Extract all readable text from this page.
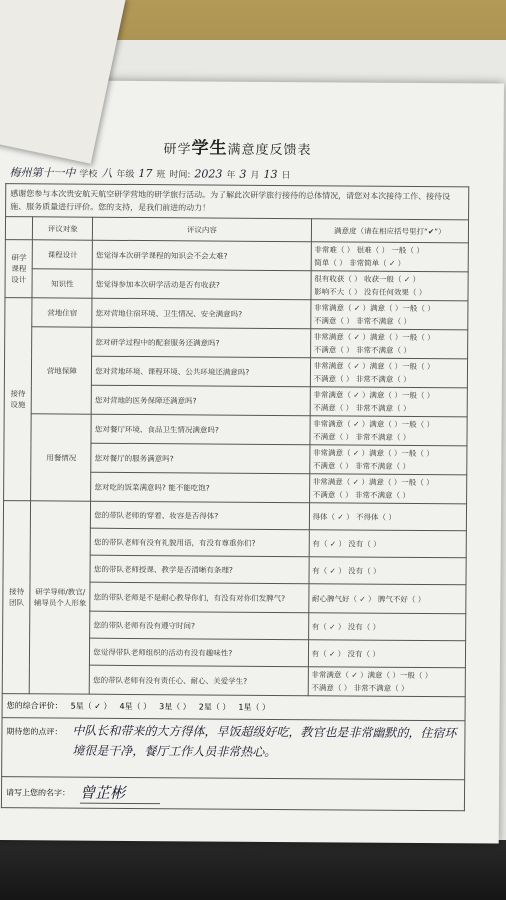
研学学生满意度反馈表
梅州第十一中 学校 八 年级 17 班 时间: 2023 年 3 月 13 日
感谢您参与本次贵安航天航空研学营地的研学旅行活动。为了解此次研学旅行接待的总体情况，请您对本次接待工作、接待设施、服务质量进行评价。您的支持，是我们前进的动力！
	评议对象	评议内容	满意度（请在相应括号里打“✔”）
研学课程设计	课程设计	您觉得本次研学课程的知识会不会太难?	非常难（ ） 很难（ ） 一般（ ）
简单（ ） 非常简单（ ✓ ）

	知识性	您觉得参加本次研学活动是否有收获?	很有收获（ ） 收获一般（ ✓ ）
影响不大（ ） 没有任何效果（ ）

接待设施	营地住宿	您对营地住宿环境、卫生情况、安全满意吗?	非常满意（ ✓ ）满意（ ）一般（ ）
不满意（ ） 非常不满意（ ）

	营地保障	您对研学过程中的配套服务还满意吗?	非常满意（ ✓ ）满意（ ）一般（ ）
不满意（ ） 非常不满意（ ）

		您对营地环境、课程环境、公共环境还满意吗?	非常满意（ ✓ ）满意（ ）一般（ ）
不满意（ ） 非常不满意（ ）

		您对营地的医务保障还满意吗?	非常满意（ ✓ ）满意（ ）一般（ ）
不满意（ ） 非常不满意（ ）

	用餐情况	您对餐厅环境、食品卫生情况满意吗?	非常满意（ ✓ ）满意（ ）一般（ ）
不满意（ ） 非常不满意（ ）

		您对餐厅的服务满意吗?	非常满意（ ✓ ）满意（ ）一般（ ）
不满意（ ） 非常不满意（ ）

		您对吃的饭菜满意吗? 能不能吃饱?	非常满意（ ✓ ）满意（ ）一般（ ）
不满意（ ） 非常不满意（ ）

接待团队	研学导师/教官/辅导员个人形象	您的带队老师的穿着、妆容是否得体?	得体（ ✓ ） 不得体（ ）

		您的带队老师有没有礼貌用语，有没有尊重你们?	有（ ✓ ） 没有（ ）

		您的带队老师授课、教学是否清晰有条理?	有（ ✓ ） 没有（ ）

		您的带队老师是不是耐心教导你们，有没有对你们发脾气?	耐心脾气好（ ✓ ） 脾气不好（ ）

		您的带队老师有没有遵守时间?	有（ ✓ ） 没有（ ）

		您觉得带队老师组织的活动有没有趣味性?	有（ ✓ ） 没有（ ）

		您的带队老师有没有责任心、耐心、关爱学生?	非常满意（ ✓ ）满意（ ）一般（ ）
不满意（ ） 非常不满意（ ）
您的综合评价： 5星（ ✓ ） 4星（ ） 3星（ ） 2星（ ） 1星（ ）
期待您的点评： 中队长和带来的大方得体，早饭超级好吃，教官也是非常幽默的，住宿环境很是干净，餐厅工作人员非常热心。
请写上您的名字： 曾芷彬
